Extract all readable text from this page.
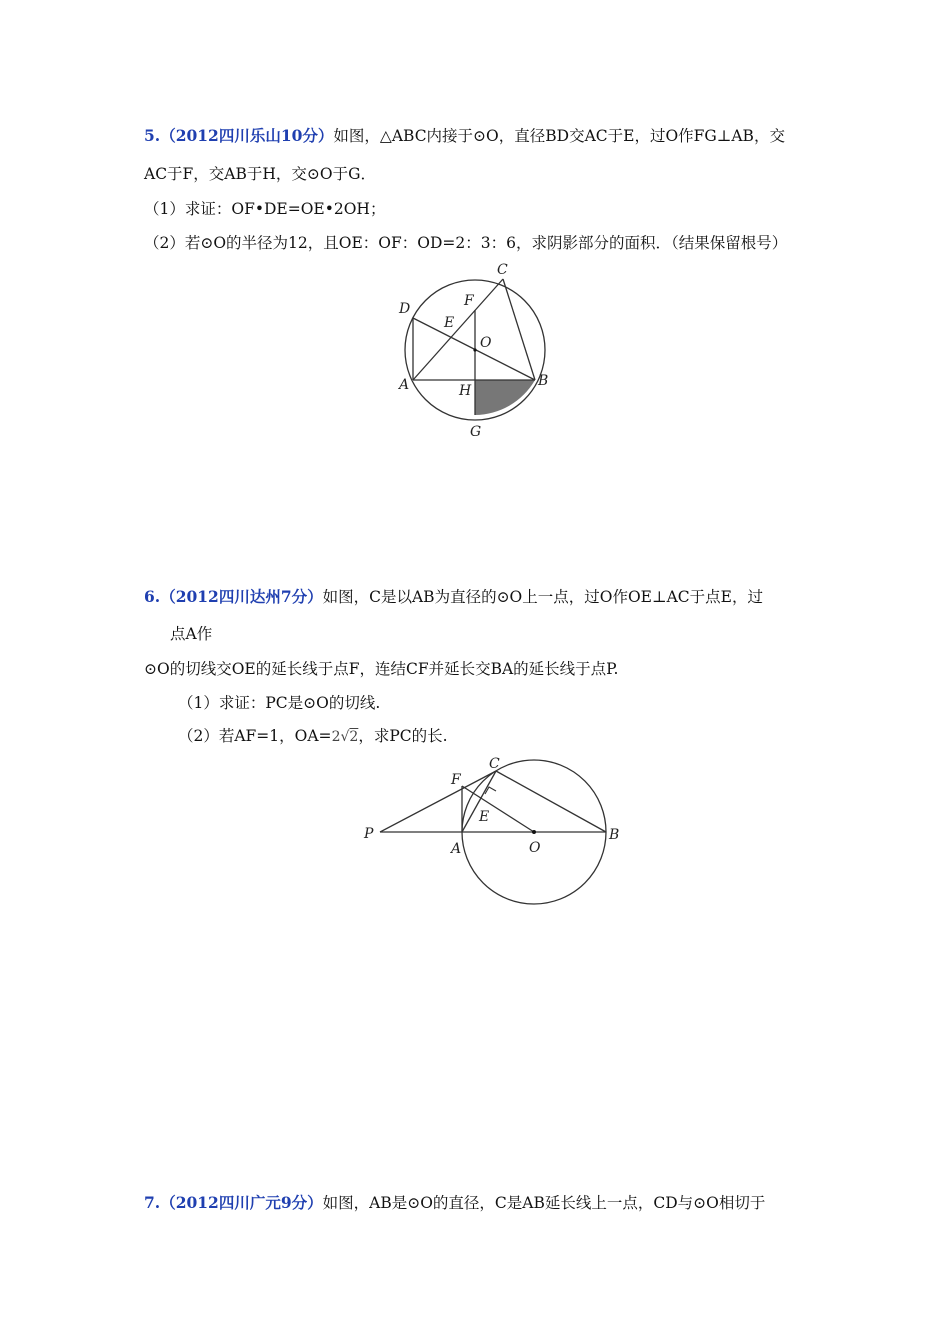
5.（2012四川乐山10分）如图，△ABC内接于⊙O，直径BD交AC于E，过O作FG⊥AB，交
AC于F，交AB于H，交⊙O于G．
（1）求证：OF•DE=OE•2OH；
（2）若⊙O的半径为12，且OE：OF：OD=2：3：6，求阴影部分的面积．（结果保留根号）
C
D	F
E
O
A	H
B
G
6.（2012四川达州7分）如图，C是以AB为直径的⊙O上一点，过O作OE⊥AC于点E，过
点A作
⊙O的切线交OE的延长线于点F，连结CF并延长交BA的延长线于点P.
（1）求证：PC是⊙O的切线.
（2）若AF=1，OA=2√2，求PC的长.
C
F
E
P
A	O
B
7.（2012四川广元9分）如图，AB是⊙O的直径，C是AB延长线上一点，CD与⊙O相切于
